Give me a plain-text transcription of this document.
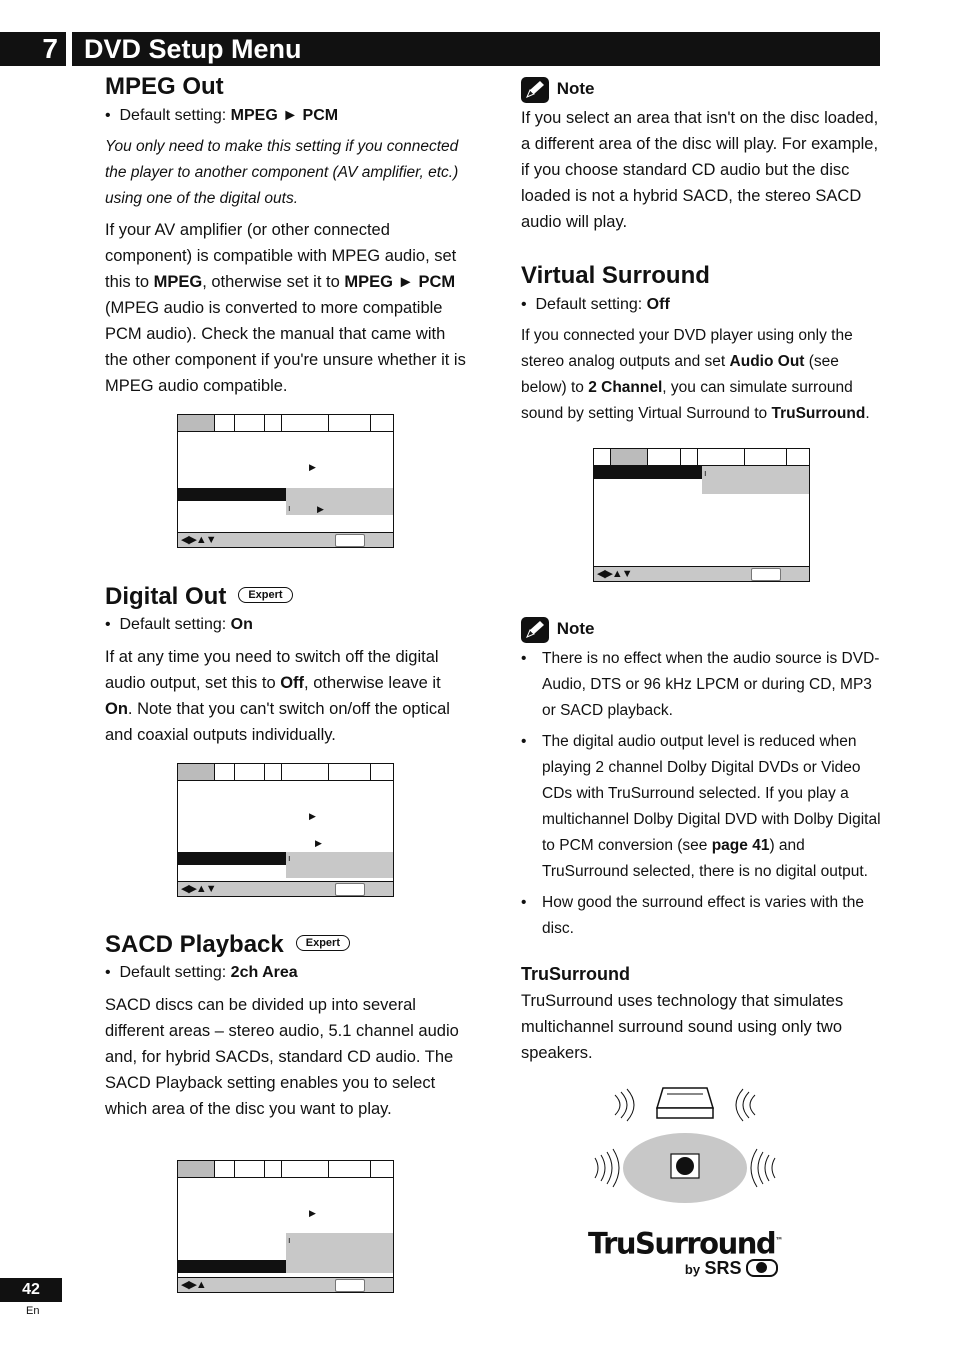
7 DVD Setup Menu
MPEG Out
•  Default setting: MPEG ► PCM
You only need to make this setting if you connected the player to another component (AV amplifier, etc.) using one of the digital outs.
If your AV amplifier (or other connected component) is compatible with MPEG audio, set this to MPEG, otherwise set it to MPEG ► PCM (MPEG audio is converted to more compatible PCM audio). Check the manual that came with the other component if you're unsure whether it is MPEG audio compatible.
▶
ı	▶
◀▶▲▼
Digital Out Expert
•  Default setting: On
If at any time you need to switch off the digital audio output, set this to Off, otherwise leave it On. Note that you can't switch on/off the optical and coaxial outputs individually.
▶
▶
ı
◀▶▲▼
SACD Playback Expert
•  Default setting: 2ch Area
SACD discs can be divided up into several different areas – stereo audio, 5.1 channel audio and, for hybrid SACDs, standard CD audio. The SACD Playback setting enables you to select which area of the disc you want to play.
▶
ı
◀▶▲
Note
If you select an area that isn't on the disc loaded, a different area of the disc will play. For example, if you choose standard CD audio but the disc loaded is not a hybrid SACD, the stereo SACD audio will play.
Virtual Surround
•  Default setting: Off
If you connected your DVD player using only the stereo analog outputs and set Audio Out (see below) to 2 Channel, you can simulate surround sound by setting Virtual Surround to TruSurround.
ı
◀▶▲▼
Note
• There is no effect when the audio source is DVD-Audio, DTS or 96 kHz LPCM or during CD, MP3 or SACD playback.
• The digital audio output level is reduced when playing 2 channel Dolby Digital DVDs or Video CDs with TruSurround selected. If you play a multichannel Dolby Digital DVD with Dolby Digital to PCM conversion (see page 41) and TruSurround selected, there is no digital output.
• How good the surround effect is varies with the disc.
TruSurround
TruSurround uses technology that simulates multichannel surround sound using only two speakers.
TruSurround™
by SRS
42
En
